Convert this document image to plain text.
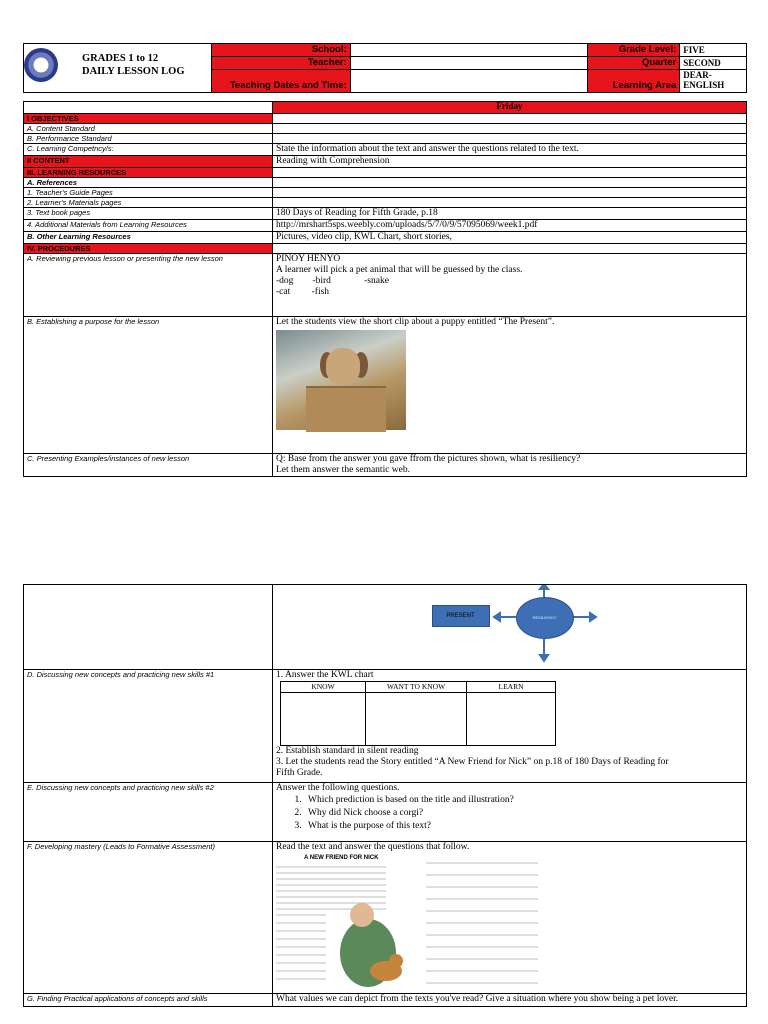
GRADES 1 to 12
DAILY LESSON LOG
	School:		Grade Level:	FIVE
	Teacher:		Quarter	SECOND
	Teaching Dates and Time:		Learning Area	DEAR-
ENGLISH
	Friday
I OBJECTIVES	
A. Content Standard	
B. Performance Standard	
C. Learning Competncy/s:	State the information about the text and answer the questions related to the text.
II CONTENT	Reading with Comprehension
III. LEARNING RESOURCES	
A. References	
1. Teacher's Guide Pages	
2. Learner's Materials pages	
3. Text book pages	180 Days of Reading for Fifth Grade, p.18
4. Additional Materials from Learning Resources	http://mrshart5sps.weebly.com/uploads/5/7/0/9/57095069/week1.pdf
B. Other Learning Resources	Pictures, video clip, KWL Chart, short stories,
IV. PROCEDURES	
A. Reviewing previous lesson or presenting the new lesson	PINOY HENYO
A learner will pick a pet animal that will be guessed by the class.
-dog        -bird              -snake
-cat         -fish

B. Establishing a purpose for the lesson	Let the students view the short clip about a puppy entitled “The Present”.

C. Presenting Examples/instances of new lesson	Q: Base from the answer you gave ffrom the pictures shown, what is resiliency?
Let them answer the semantic web.

PRESENT	RESILIENCY

D. Discussing new concepts and practicing new skills #1	1. Answer the KWL chart
KNOW	WANT TO KNOW	LEARN

2. Establish standard in silent reading
3. Let the students read the Story entitled “A New Friend for Nick” on p.18 of 180 Days of Reading for
Fifth Grade.

E. Discussing new concepts and practicing new skills #2	Answer the following questions.
1. Which prediction is based on the title and illustration?
2. Why did Nick choose a corgi?
3. What is the purpose of this text?

F. Developing mastery (Leads to Formative Assessment)	Read the text and answer the questions that follow.
A NEW FRIEND FOR NICK

G. Finding Practical applications of concepts and skills	What values we can depict from the texts you've read? Give a situation where you show being a pet lover.
